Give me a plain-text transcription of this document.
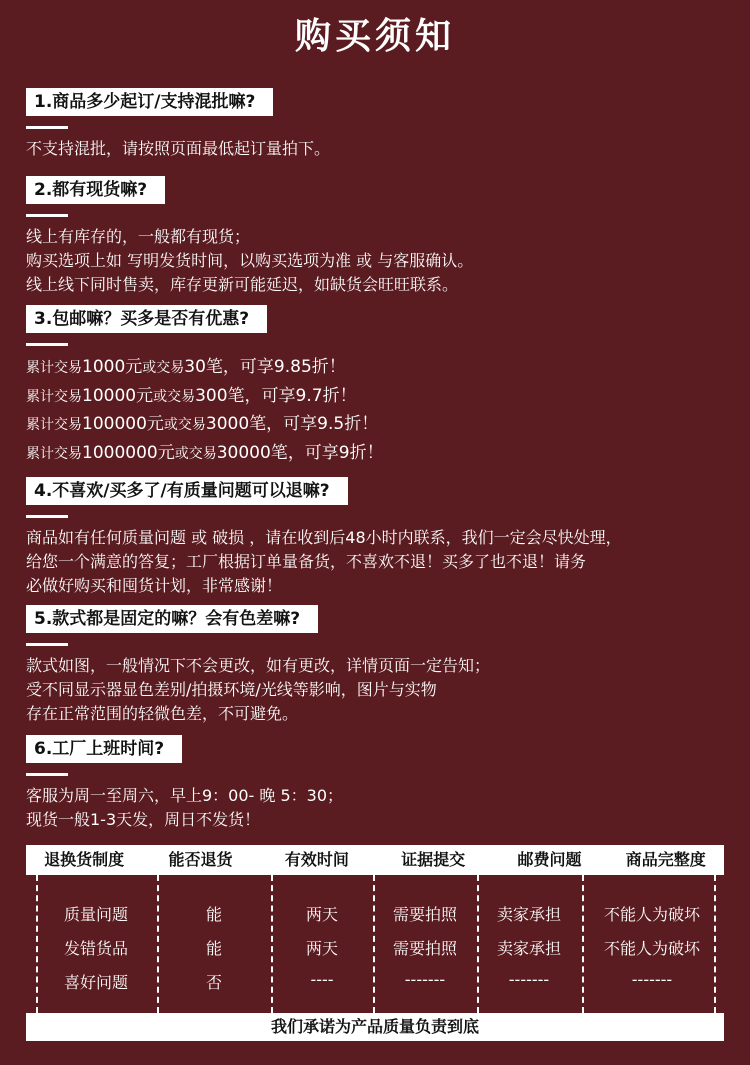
购买须知
1.商品多少起订/支持混批嘛?

不支持混批，请按照页面最低起订量拍下。

2.都有现货嘛?

线上有库存的，一般都有现货；

购买选项上如 写明发货时间，以购买选项为准 或 与客服确认。

线上线下同时售卖，库存更新可能延迟，如缺货会旺旺联系。

3.包邮嘛？买多是否有优惠?

累计交易1000元或交易30笔，可享9.85折！

累计交易10000元或交易300笔，可享9.7折！

累计交易100000元或交易3000笔，可享9.5折！

累计交易1000000元或交易30000笔，可享9折！

4.不喜欢/买多了/有质量问题可以退嘛?

商品如有任何质量问题 或 破损 ，请在收到后48小时内联系，我们一定会尽快处理，

给您一个满意的答复；工厂根据订单量备货，不喜欢不退！买多了也不退！请务

必做好购买和囤货计划，非常感谢！

5.款式都是固定的嘛？会有色差嘛?

款式如图，一般情况下不会更改，如有更改，详情页面一定告知；

受不同显示器显色差别/拍摄环境/光线等影响，图片与实物

存在正常范围的轻微色差，不可避免。

6.工厂上班时间?

客服为周一至周六，早上9：00- 晚 5：30；

现货一般1-3天发，周日不发货！

退换货制度	能否退货	有效时间	证据提交	邮费问题	商品完整度
质量问题	能	两天	需要拍照	卖家承担	不能人为破坏
发错货品	能	两天	需要拍照	卖家承担	不能人为破坏
喜好问题	否	----	-------	-------	-------
我们承诺为产品质量负责到底
